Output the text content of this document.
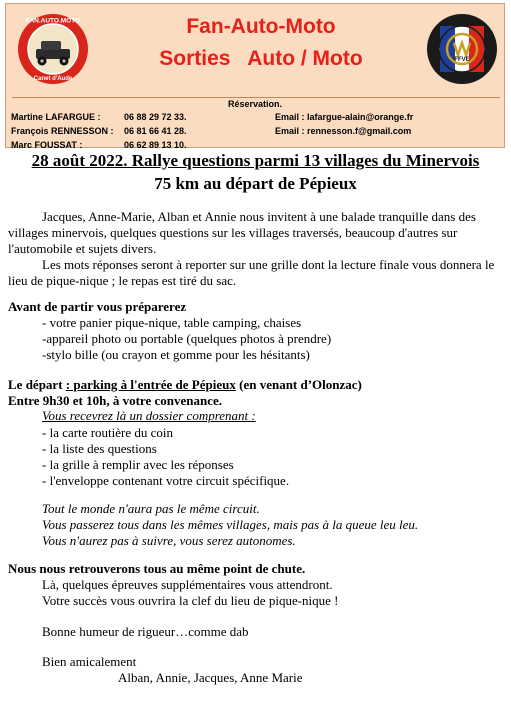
FAN.AUTO.MOTO
Canet d'Aude
Fan-Auto-Moto
Sorties   Auto / Moto	FFVE
Réservation.
Martine LAFARGUE :	06 88 29 72 33.	Email : lafargue-alain@orange.fr
François RENNESSON : 06 81 66 41 28.	Email : rennesson.f@gmail.com
Marc FOUSSAT :	06 62 89 13 10.
28 août 2022. Rallye questions parmi 13 villages du Minervois
75 km au départ de Pépieux
Jacques, Anne-Marie, Alban et Annie nous invitent à une balade tranquille dans des
villages minervois, quelques questions sur les villages traversés, beaucoup d'autres sur
l'automobile et sujets divers.
Les mots réponses seront à reporter sur une grille dont la lecture finale vous donnera le
lieu de pique-nique ; le repas est tiré du sac.
Avant de partir vous préparerez
- votre panier pique-nique, table camping, chaises
-appareil photo ou portable (quelques photos à prendre)
-stylo bille (ou crayon et gomme pour les hésitants)
Le départ : parking à l'entrée de Pépieux (en venant d’Olonzac)
Entre 9h30 et 10h, à votre convenance.
Vous recevrez là un dossier comprenant :
- la carte routière du coin
- la liste des questions
- la grille à remplir avec les réponses
- l'enveloppe contenant votre circuit spécifique.
Tout le monde n'aura pas le même circuit.
Vous passerez tous dans les mêmes villages, mais pas à la queue leu leu.
Vous n'aurez pas à suivre, vous serez autonomes.
Nous nous retrouverons tous au même point de chute.
Là, quelques épreuves supplémentaires vous attendront.
Votre succès vous ouvrira la clef du lieu de pique-nique !
Bonne humeur de rigueur…comme dab
Bien amicalement
Alban, Annie, Jacques, Anne Marie
